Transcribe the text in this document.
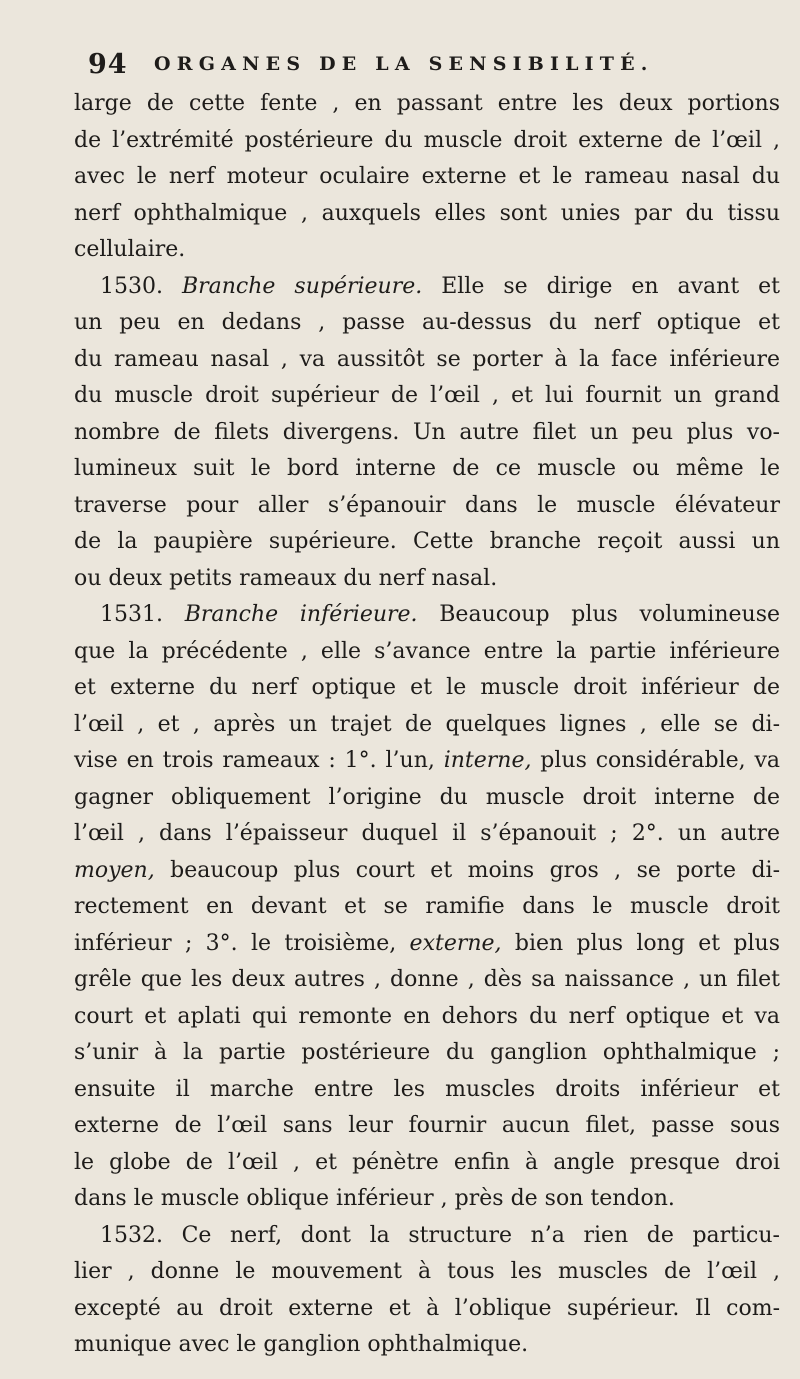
94 ORGANES DE LA SENSIBILITÉ.
large de cette fente , en passant entre les deux portions
de l’extrémité postérieure du muscle droit externe de l’œil ,
avec le nerf moteur oculaire externe et le rameau nasal du
nerf ophthalmique , auxquels elles sont unies par du tissu
cellulaire.
1530. Branche supérieure. Elle se dirige en avant et
un peu en dedans , passe au-dessus du nerf optique et
du rameau nasal , va aussitôt se porter à la face inférieure
du muscle droit supérieur de l’œil , et lui fournit un grand
nombre de filets divergens. Un autre filet un peu plus vo-
lumineux suit le bord interne de ce muscle ou même le
traverse pour aller s’épanouir dans le muscle élévateur
de la paupière supérieure. Cette branche reçoit aussi un
ou deux petits rameaux du nerf nasal.
1531. Branche inférieure. Beaucoup plus volumineuse
que la précédente , elle s’avance entre la partie inférieure
et externe du nerf optique et le muscle droit inférieur de
l’œil , et , après un trajet de quelques lignes , elle se di-
vise en trois rameaux : 1°. l’un, interne, plus considérable, va
gagner obliquement l’origine du muscle droit interne de
l’œil , dans l’épaisseur duquel il s’épanouit ; 2°. un autre
moyen, beaucoup plus court et moins gros , se porte di-
rectement en devant et se ramifie dans le muscle droit
inférieur ; 3°. le troisième, externe, bien plus long et plus
grêle que les deux autres , donne , dès sa naissance , un filet
court et aplati qui remonte en dehors du nerf optique et va
s’unir à la partie postérieure du ganglion ophthalmique ;
ensuite il marche entre les muscles droits inférieur et
externe de l’œil sans leur fournir aucun filet, passe sous
le globe de l’œil , et pénètre enfin à angle presque droi
dans le muscle oblique inférieur , près de son tendon.
1532. Ce nerf, dont la structure n’a rien de particu-
lier , donne le mouvement à tous les muscles de l’œil ,
excepté au droit externe et à l’oblique supérieur. Il com-
munique avec le ganglion ophthalmique.
